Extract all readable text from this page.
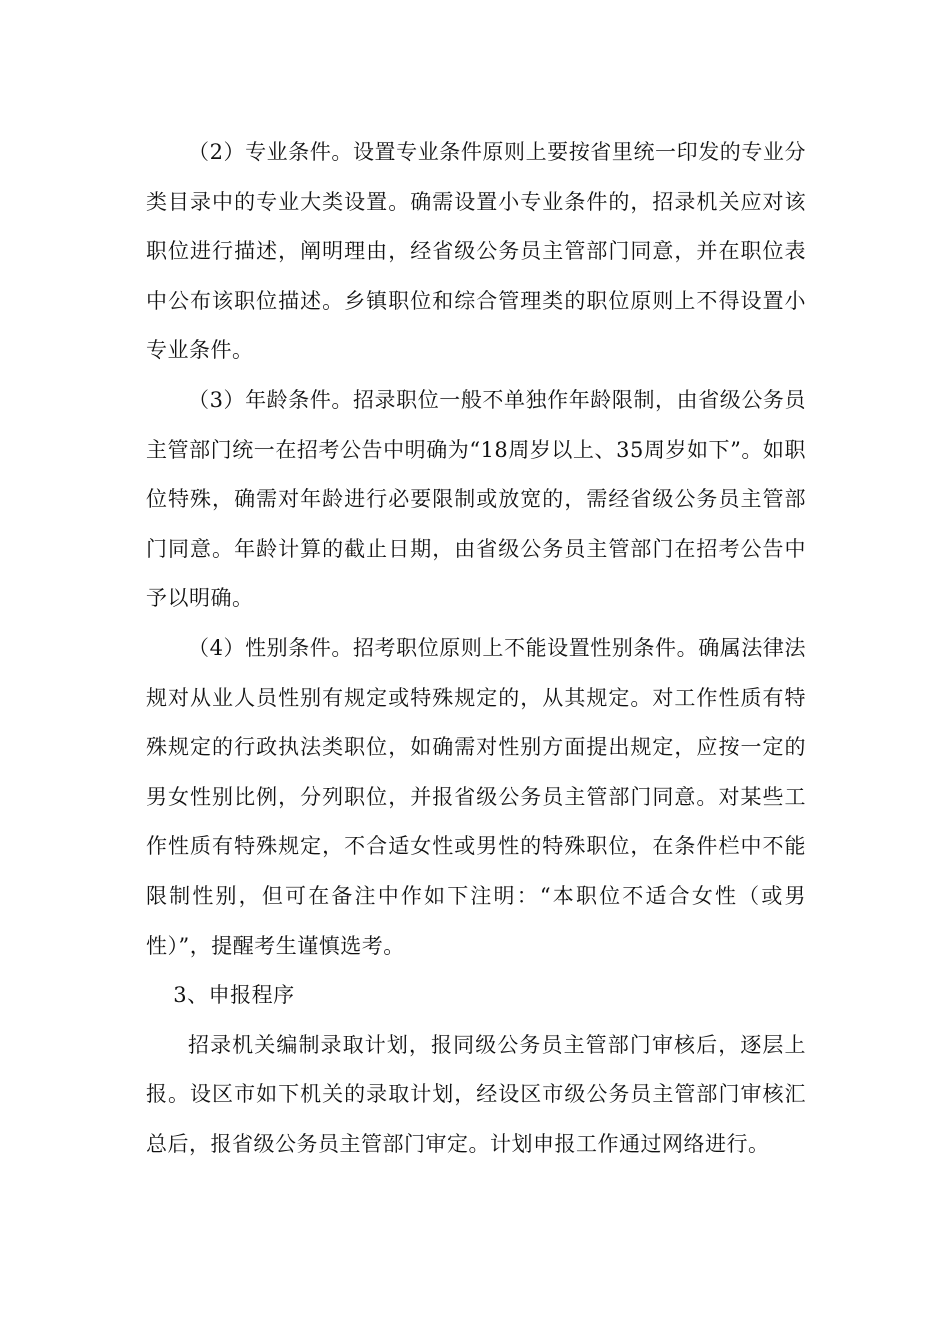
（2）专业条件。设置专业条件原则上要按省里统一印发的专业分类目录中的专业大类设置。确需设置小专业条件的，招录机关应对该职位进行描述，阐明理由，经省级公务员主管部门同意，并在职位表中公布该职位描述。乡镇职位和综合管理类的职位原则上不得设置小专业条件。

（3）年龄条件。招录职位一般不单独作年龄限制，由省级公务员主管部门统一在招考公告中明确为“18周岁以上、35周岁如下”。如职位特殊，确需对年龄进行必要限制或放宽的，需经省级公务员主管部门同意。年龄计算的截止日期，由省级公务员主管部门在招考公告中予以明确。

（4）性别条件。招考职位原则上不能设置性别条件。确属法律法规对从业人员性别有规定或特殊规定的，从其规定。对工作性质有特殊规定的行政执法类职位，如确需对性别方面提出规定，应按一定的男女性别比例，分列职位，并报省级公务员主管部门同意。对某些工作性质有特殊规定，不合适女性或男性的特殊职位，在条件栏中不能限制性别，但可在备注中作如下注明：“本职位不适合女性（或男性）”，提醒考生谨慎选考。

3、申报程序

招录机关编制录取计划，报同级公务员主管部门审核后，逐层上报。设区市如下机关的录取计划，经设区市级公务员主管部门审核汇总后，报省级公务员主管部门审定。计划申报工作通过网络进行。
